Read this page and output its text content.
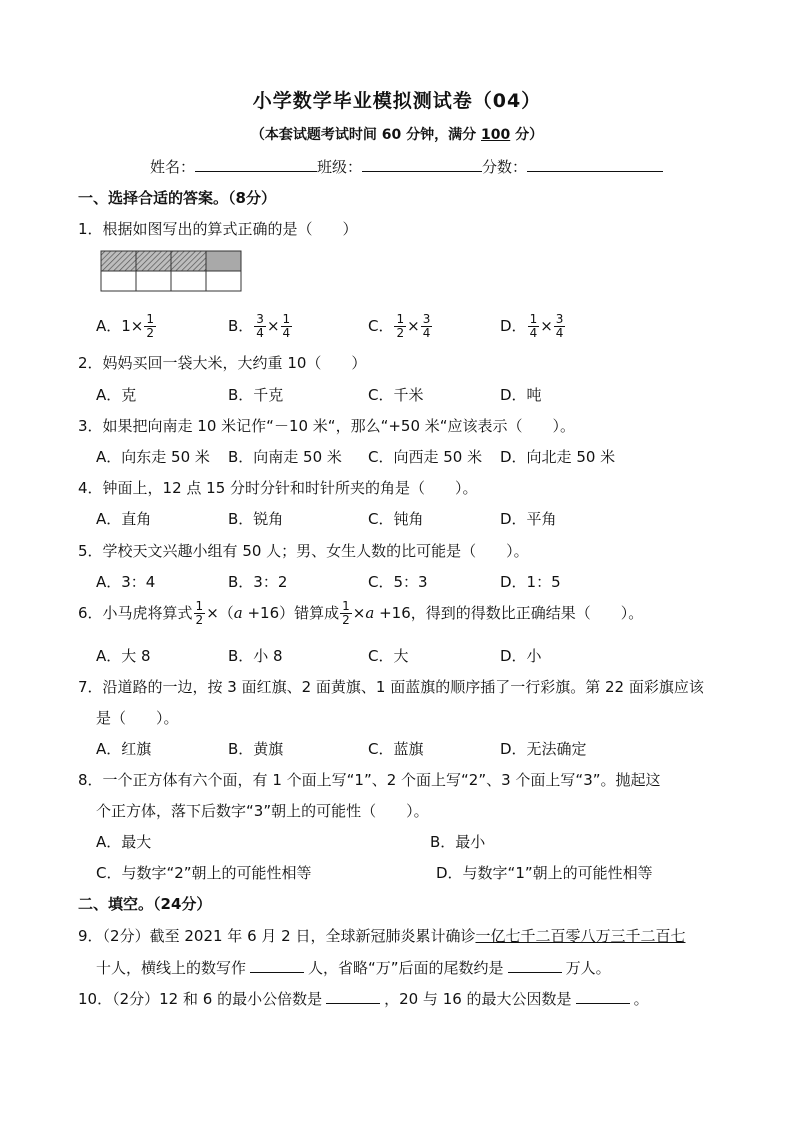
小学数学毕业模拟测试卷（04）
（本套试题考试时间 60 分钟，满分 100 分）
姓名：	班级：	分数：
一、选择合适的答案。（8分）
1．根据如图写出的算式正确的是（　　）
A．$1\times \frac{1}{2}$	B． $\frac{3}{4} \times \frac{1}{4}$	C． $\frac{1}{2} \times \frac{3}{4}$	D． $\frac{1}{4} \times \frac{3}{4}$
2．妈妈买回一袋大米，大约重 10（　　）
A．克	B．千克	C．千米	D．吨
3．如果把向南走 10 米记作“－10 米“，那么“+50 米“应该表示（　　）。
A．向东走 50 米 B．向南走 50 米 C．向西走 50 米 D．向北走 50 米
4．钟面上，12 点 15 分时分针和时针所夹的角是（　　）。
A．直角	B．锐角	C．钝角	D．平角
5．学校天文兴趣小组有 50 人；男、女生人数的比可能是（　　）。
A．3：4	B．3：2	C．5：3	D．1：5
6．小马虎将算式 $\frac{1}{2} \times(a +16)$错算成 $\frac{1}{2} \times a +16$，得到的得数比正确结果（　　）。
A．大 8	B．小 8	C．大	D．小
7．沿道路的一边，按 3 面红旗、2 面黄旗、1 面蓝旗的顺序插了一行彩旗。第 22 面彩旗应该
是（　　）。
A．红旗	B．黄旗	C．蓝旗	D．无法确定
8．一个正方体有六个面，有 1 个面上写“1”、2 个面上写“2”、3 个面上写“3”。抛起这
个正方体，落下后数字“3”朝上的可能性（　　）。
A．最大	B．最小
C．与数字“2”朝上的可能性相等	D．与数字“1”朝上的可能性相等
二、填空。（24分）
9．（2分）截至 2021 年 6 月 2 日，全球新冠肺炎累计确诊一亿七千二百零八万三千二百七
十人，横线上的数写作	人，省略“万”后面的尾数约是	万人。
10．（2分）12 和 6 的最小公倍数是	，20 与 16 的最大公因数是	。
